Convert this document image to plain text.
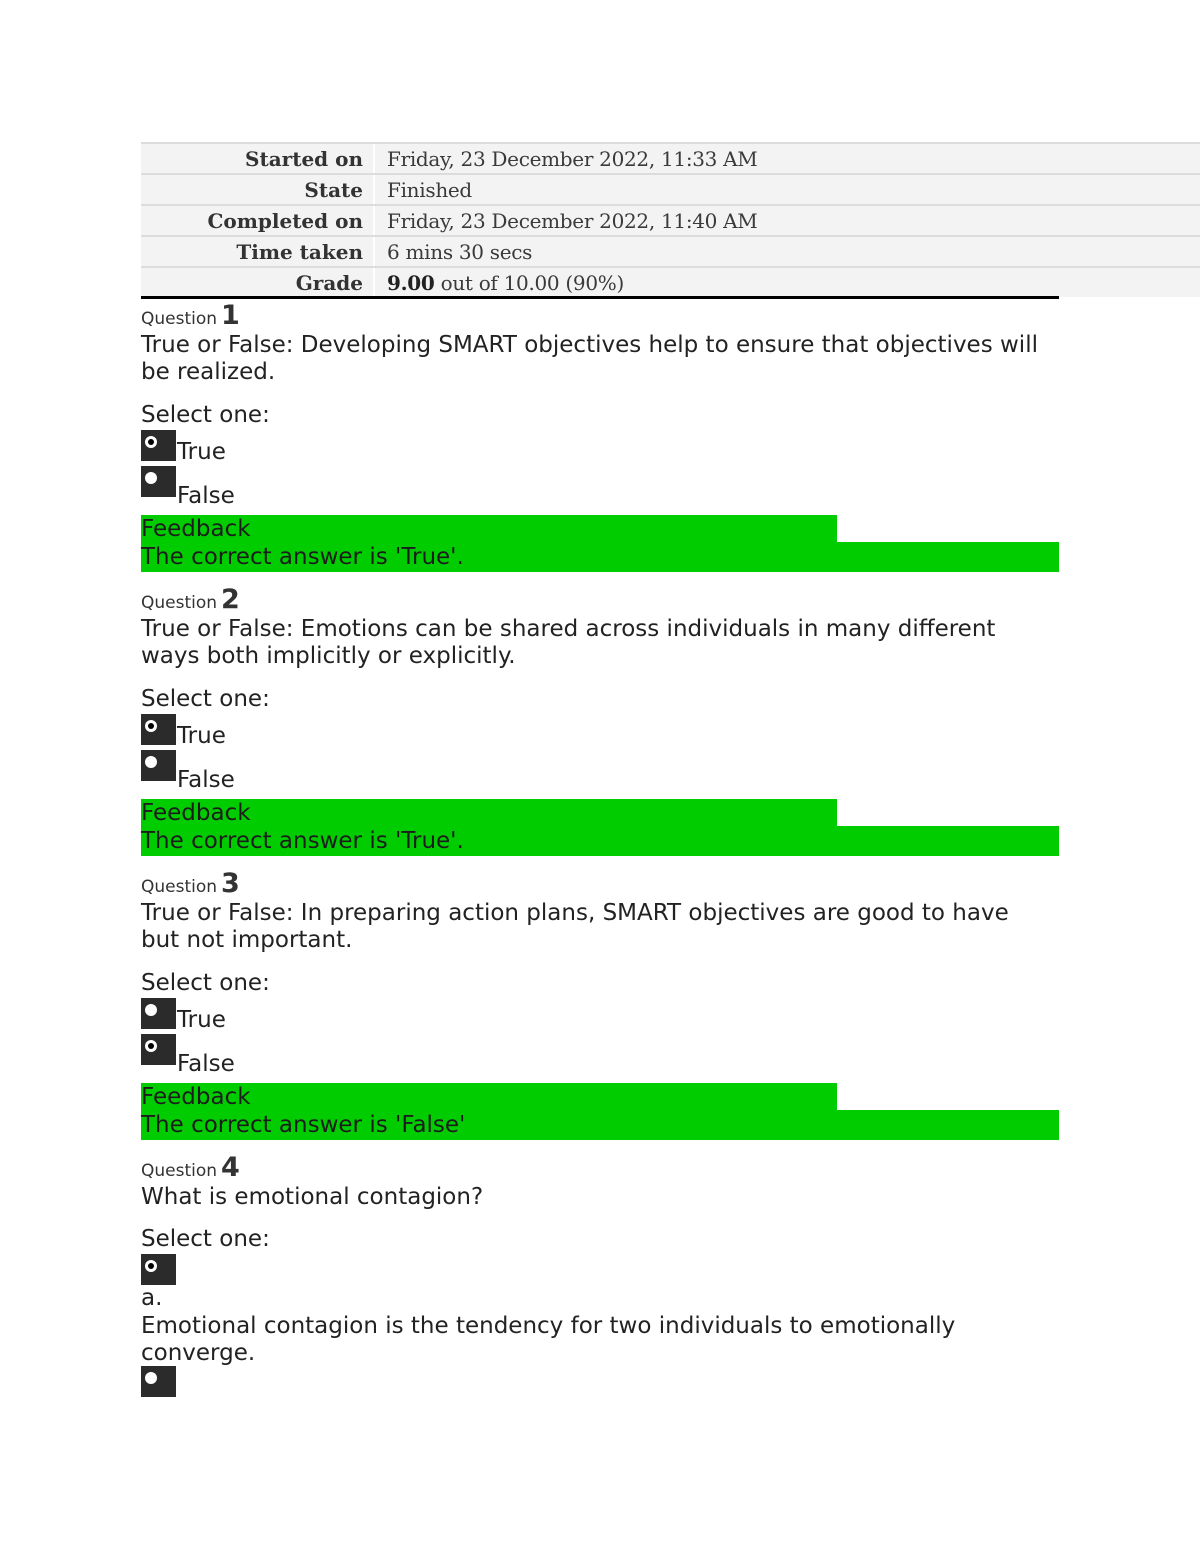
Started on		Friday, 23 December 2022, 11:33 AM
State		Finished
Completed on		Friday, 23 December 2022, 11:40 AM
Time taken		6 mins 30 secs
Grade		9.00 out of 10.00 (90%)
Question 1
True or False: Developing SMART objectives help to ensure that objectives will be realized.
Select one:
True
False
Feedback
The correct answer is 'True'.
Question 2
True or False: Emotions can be shared across individuals in many different ways both implicitly or explicitly.
Select one:
True
False
Feedback
The correct answer is 'True'.
Question 3
True or False: In preparing action plans, SMART objectives are good to have but not important.
Select one:
True
False
Feedback
The correct answer is 'False'
Question 4
What is emotional contagion?
Select one:
a.
Emotional contagion is the tendency for two individuals to emotionally converge.
